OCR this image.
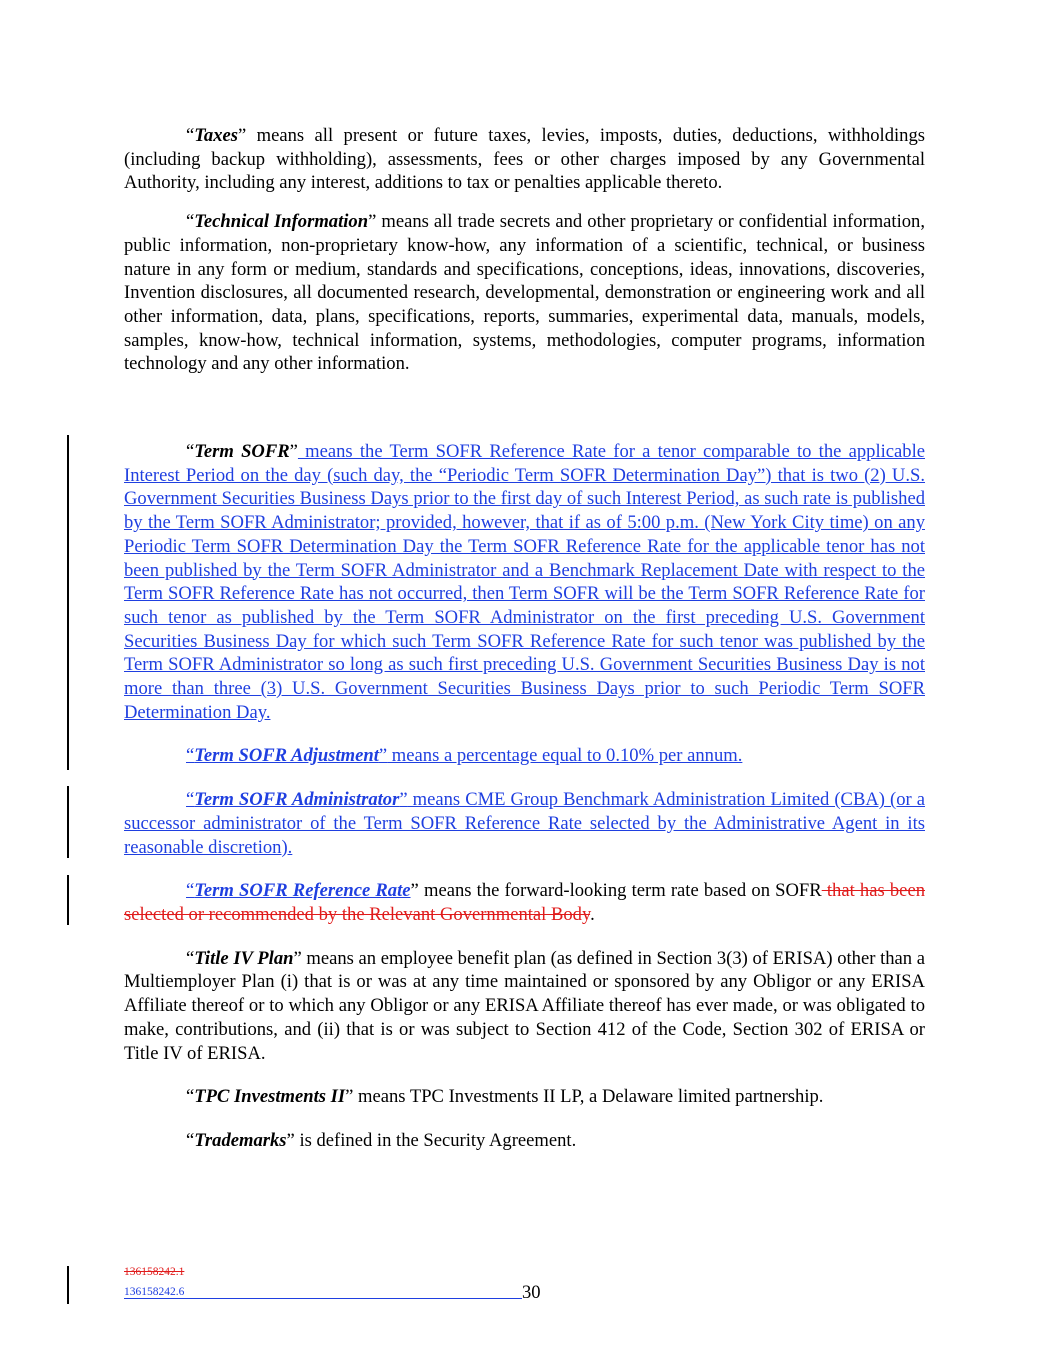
“Taxes” means all present or future taxes, levies, imposts, duties, deductions, withholdings (including backup withholding), assessments, fees or other charges imposed by any Governmental Authority, including any interest, additions to tax or penalties applicable thereto.

“Technical Information” means all trade secrets and other proprietary or confidential information, public information, non-proprietary know-how, any information of a scientific, technical, or business nature in any form or medium, standards and specifications, conceptions, ideas, innovations, discoveries, Invention disclosures, all documented research, developmental, demonstration or engineering work and all other information, data, plans, specifications, reports, summaries, experimental data, manuals, models, samples, know-how, technical information, systems, methodologies, computer programs, information technology and any other information.

“Term SOFR” means the Term SOFR Reference Rate for a tenor comparable to the applicable Interest Period on the day (such day, the “Periodic Term SOFR Determination Day”) that is two (2) U.S. Government Securities Business Days prior to the first day of such Interest Period, as such rate is published by the Term SOFR Administrator; provided, however, that if as of 5:00 p.m. (New York City time) on any Periodic Term SOFR Determination Day the Term SOFR Reference Rate for the applicable tenor has not been published by the Term SOFR Administrator and a Benchmark Replacement Date with respect to the Term SOFR Reference Rate has not occurred, then Term SOFR will be the Term SOFR Reference Rate for such tenor as published by the Term SOFR Administrator on the first preceding U.S. Government Securities Business Day for which such Term SOFR Reference Rate for such tenor was published by the Term SOFR Administrator so long as such first preceding U.S. Government Securities Business Day is not more than three (3) U.S. Government Securities Business Days prior to such Periodic Term SOFR Determination Day.

“Term SOFR Adjustment” means a percentage equal to 0.10% per annum.

“Term SOFR Administrator” means CME Group Benchmark Administration Limited (CBA) (or a successor administrator of the Term SOFR Reference Rate selected by the Administrative Agent in its reasonable discretion).

“Term SOFR Reference Rate” means the forward-looking term rate based on SOFR that has been selected or recommended by the Relevant Governmental Body.

“Title IV Plan” means an employee benefit plan (as defined in Section 3(3) of ERISA) other than a Multiemployer Plan (i) that is or was at any time maintained or sponsored by any Obligor or any ERISA Affiliate thereof or to which any Obligor or any ERISA Affiliate thereof has ever made, or was obligated to make, contributions, and (ii) that is or was subject to Section 412 of the Code, Section 302 of ERISA or Title IV of ERISA.

“TPC Investments II” means TPC Investments II LP, a Delaware limited partnership.

“Trademarks” is defined in the Security Agreement.

136158242.1
136158242.6	30
